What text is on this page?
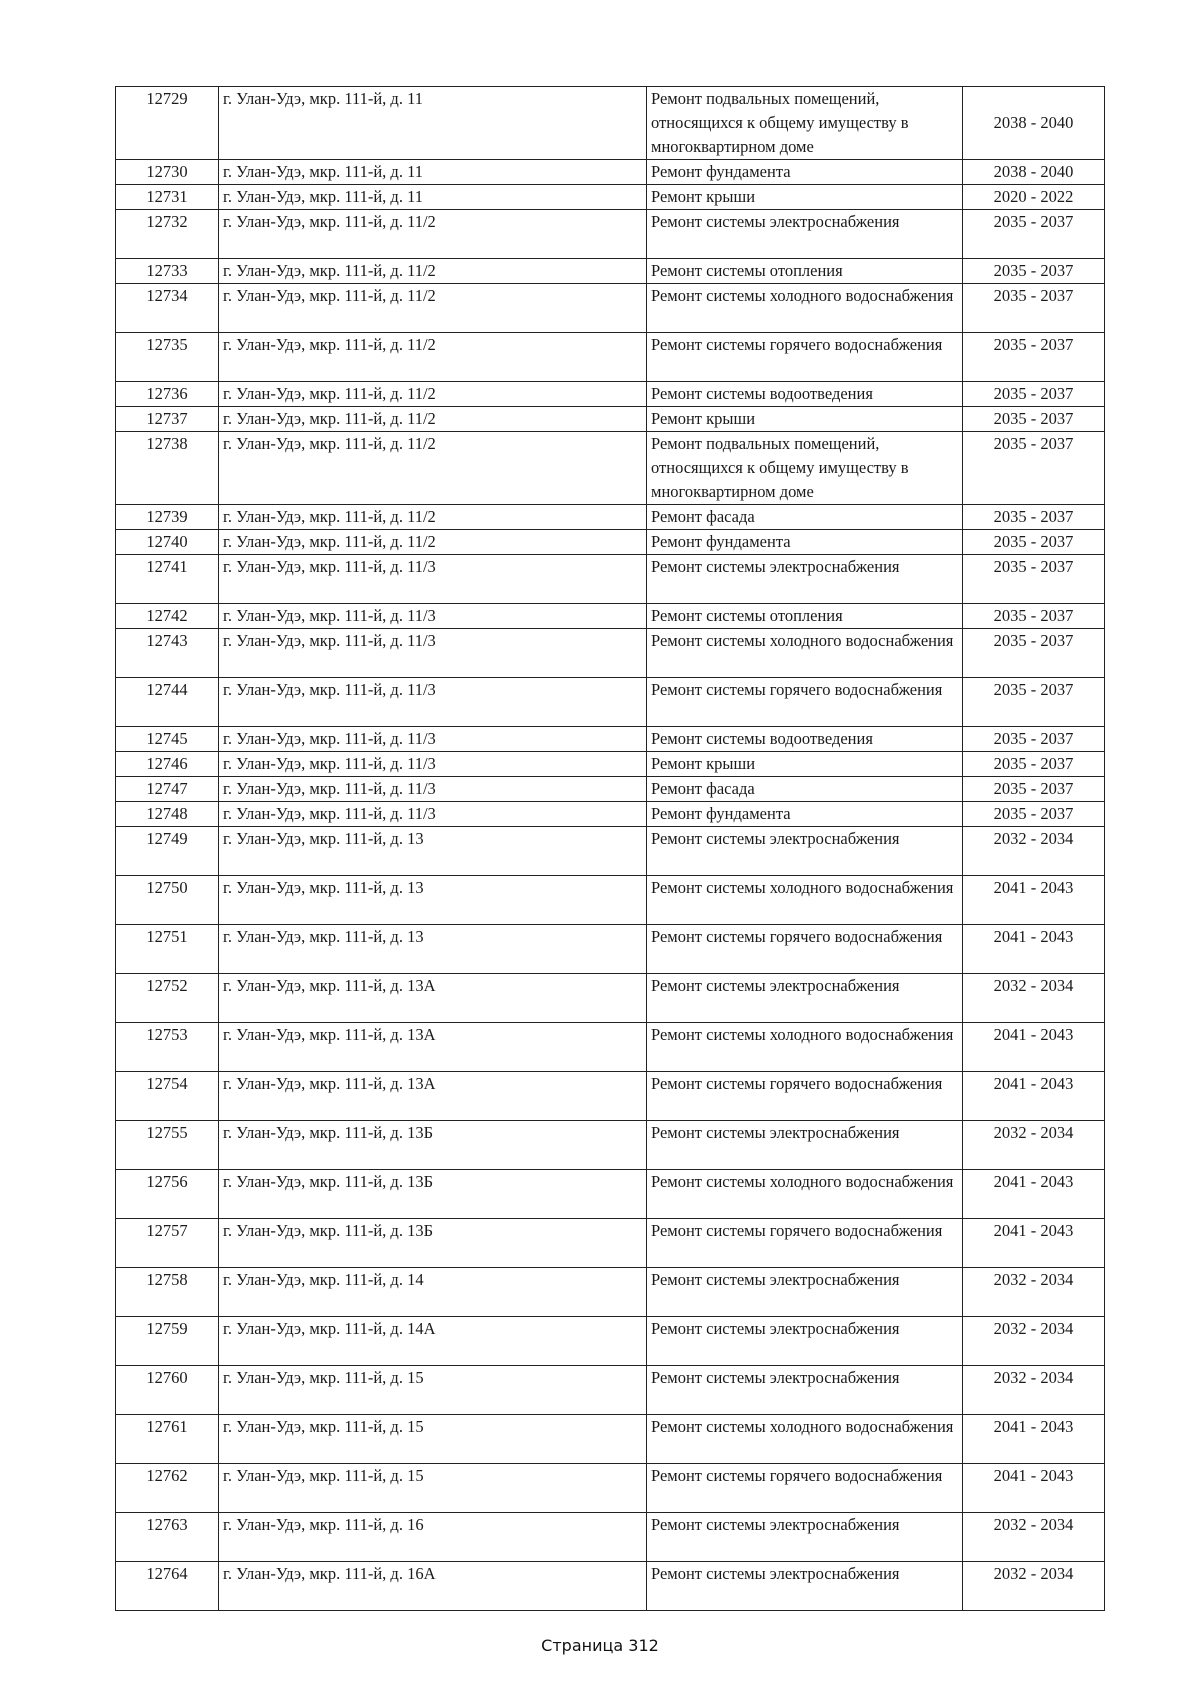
12729	г. Улан-Удэ, мкр. 111-й, д. 11	Ремонт подвальных помещений, относящихся к общему имуществу в многоквартирном доме	2038 - 2040
12730	г. Улан-Удэ, мкр. 111-й, д. 11	Ремонт фундамента	2038 - 2040
12731	г. Улан-Удэ, мкр. 111-й, д. 11	Ремонт крыши	2020 - 2022
12732	г. Улан-Удэ, мкр. 111-й, д. 11/2	Ремонт системы электроснабжения	2035 - 2037
12733	г. Улан-Удэ, мкр. 111-й, д. 11/2	Ремонт системы отопления	2035 - 2037
12734	г. Улан-Удэ, мкр. 111-й, д. 11/2	Ремонт системы холодного водоснабжения	2035 - 2037
12735	г. Улан-Удэ, мкр. 111-й, д. 11/2	Ремонт системы горячего водоснабжения	2035 - 2037
12736	г. Улан-Удэ, мкр. 111-й, д. 11/2	Ремонт системы водоотведения	2035 - 2037
12737	г. Улан-Удэ, мкр. 111-й, д. 11/2	Ремонт крыши	2035 - 2037
12738	г. Улан-Удэ, мкр. 111-й, д. 11/2	Ремонт подвальных помещений, относящихся к общему имуществу в многоквартирном доме	2035 - 2037
12739	г. Улан-Удэ, мкр. 111-й, д. 11/2	Ремонт фасада	2035 - 2037
12740	г. Улан-Удэ, мкр. 111-й, д. 11/2	Ремонт фундамента	2035 - 2037
12741	г. Улан-Удэ, мкр. 111-й, д. 11/3	Ремонт системы электроснабжения	2035 - 2037
12742	г. Улан-Удэ, мкр. 111-й, д. 11/3	Ремонт системы отопления	2035 - 2037
12743	г. Улан-Удэ, мкр. 111-й, д. 11/3	Ремонт системы холодного водоснабжения	2035 - 2037
12744	г. Улан-Удэ, мкр. 111-й, д. 11/3	Ремонт системы горячего водоснабжения	2035 - 2037
12745	г. Улан-Удэ, мкр. 111-й, д. 11/3	Ремонт системы водоотведения	2035 - 2037
12746	г. Улан-Удэ, мкр. 111-й, д. 11/3	Ремонт крыши	2035 - 2037
12747	г. Улан-Удэ, мкр. 111-й, д. 11/3	Ремонт фасада	2035 - 2037
12748	г. Улан-Удэ, мкр. 111-й, д. 11/3	Ремонт фундамента	2035 - 2037
12749	г. Улан-Удэ, мкр. 111-й, д. 13	Ремонт системы электроснабжения	2032 - 2034
12750	г. Улан-Удэ, мкр. 111-й, д. 13	Ремонт системы холодного водоснабжения	2041 - 2043
12751	г. Улан-Удэ, мкр. 111-й, д. 13	Ремонт системы горячего водоснабжения	2041 - 2043
12752	г. Улан-Удэ, мкр. 111-й, д. 13А	Ремонт системы электроснабжения	2032 - 2034
12753	г. Улан-Удэ, мкр. 111-й, д. 13А	Ремонт системы холодного водоснабжения	2041 - 2043
12754	г. Улан-Удэ, мкр. 111-й, д. 13А	Ремонт системы горячего водоснабжения	2041 - 2043
12755	г. Улан-Удэ, мкр. 111-й, д. 13Б	Ремонт системы электроснабжения	2032 - 2034
12756	г. Улан-Удэ, мкр. 111-й, д. 13Б	Ремонт системы холодного водоснабжения	2041 - 2043
12757	г. Улан-Удэ, мкр. 111-й, д. 13Б	Ремонт системы горячего водоснабжения	2041 - 2043
12758	г. Улан-Удэ, мкр. 111-й, д. 14	Ремонт системы электроснабжения	2032 - 2034
12759	г. Улан-Удэ, мкр. 111-й, д. 14А	Ремонт системы электроснабжения	2032 - 2034
12760	г. Улан-Удэ, мкр. 111-й, д. 15	Ремонт системы электроснабжения	2032 - 2034
12761	г. Улан-Удэ, мкр. 111-й, д. 15	Ремонт системы холодного водоснабжения	2041 - 2043
12762	г. Улан-Удэ, мкр. 111-й, д. 15	Ремонт системы горячего водоснабжения	2041 - 2043
12763	г. Улан-Удэ, мкр. 111-й, д. 16	Ремонт системы электроснабжения	2032 - 2034
12764	г. Улан-Удэ, мкр. 111-й, д. 16А	Ремонт системы электроснабжения	2032 - 2034
Страница 312
